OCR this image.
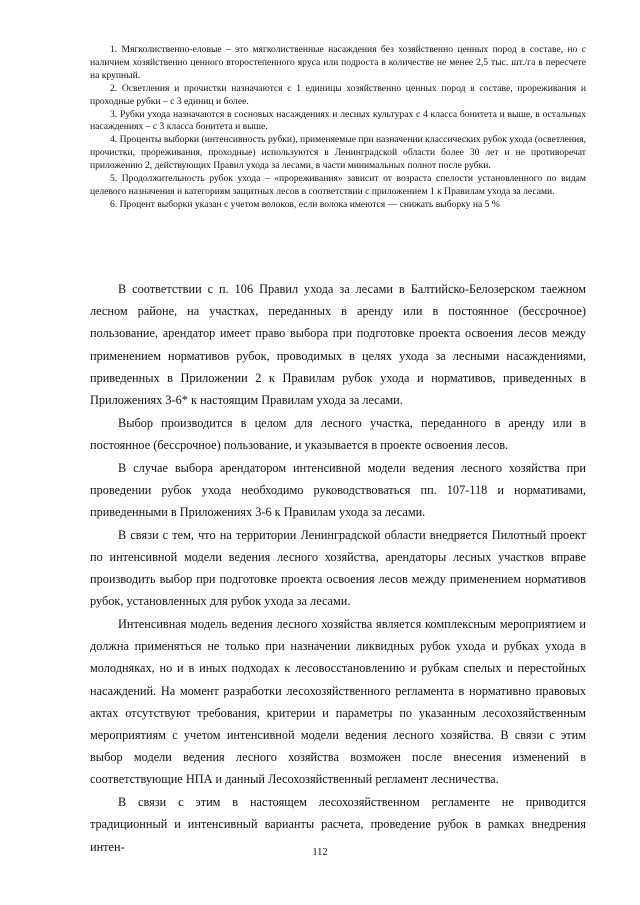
1. Мягколиственно-еловые – это мягколиственные насаждения без хозяйственно ценных пород в составе, но с наличием хозяйственно ценного второстепенного яруса или подроста в количестве не менее 2,5 тыс. шт./га в пересчете на крупный.

2. Осветления и прочистки назначаются с 1 единицы хозяйственно ценных пород в составе, прореживания и проходные рубки – с 3 единиц и более.

3. Рубки ухода назначаются в сосновых насаждениях и лесных культурах с 4 класса бонитета и выше, в остальных насаждениях – с 3 класса бонитета и выше.

4. Проценты выборки (интенсивность рубки), применяемые при назначении классических рубок ухода (осветления, прочистки, прореживания, проходные) используются в Ленинградской области более 30 лет и не противоречат приложению 2, действующих Правил ухода за лесами, в части минимальных полнот после рубки.

5. Продолжительность рубок ухода – «прореживания» зависит от возраста спелости установленного по видам целевого назначения и категориям защитных лесов в соответствии с приложением 1 к Правилам ухода за лесами.

6. Процент выборки указан с учетом волоков, если волока имеются — снижать выборку на 5 %

В соответствии с п. 106 Правил ухода за лесами в Балтийско-Белозерском таежном лесном районе, на участках, переданных в аренду или в постоянное (бессрочное) пользование, арендатор имеет право выбора при подготовке проекта освоения лесов между применением нормативов рубок, проводимых в целях ухода за лесными насаждениями, приведенных в Приложении 2 к Правилам рубок ухода и нормативов, приведенных в Приложениях 3-6* к настоящим Правилам ухода за лесами.

Выбор производится в целом для лесного участка, переданного в аренду или в постоянное (бессрочное) пользование, и указывается в проекте освоения лесов.

В случае выбора арендатором интенсивной модели ведения лесного хозяйства при проведении рубок ухода необходимо руководствоваться пп. 107-118 и нормативами, приведенными в Приложениях 3-6 к Правилам ухода за лесами.

В связи с тем, что на территории Ленинградской области внедряется Пилотный проект по интенсивной модели ведения лесного хозяйства, арендаторы лесных участков вправе производить выбор при подготовке проекта освоения лесов между применением нормативов рубок, установленных для рубок ухода за лесами.

Интенсивная модель ведения лесного хозяйства является комплексным мероприятием и должна применяться не только при назначении ликвидных рубок ухода и рубках ухода в молодняках, но и в иных подходах к лесовосстановлению и рубкам спелых и перестойных насаждений. На момент разработки лесохозяйственного регламента в нормативно правовых актах отсутствуют требования, критерии и параметры по указанным лесохозяйственным мероприятиям с учетом интенсивной модели ведения лесного хозяйства. В связи с этим выбор модели ведения лесного хозяйства возможен после внесения изменений в соответствующие НПА и данный Лесохозяйственный регламент лесничества.

В связи с этим в настоящем лесохозяйственном регламенте не приводится традиционный и интенсивный варианты расчета, проведение рубок в рамках внедрения интен-	112
